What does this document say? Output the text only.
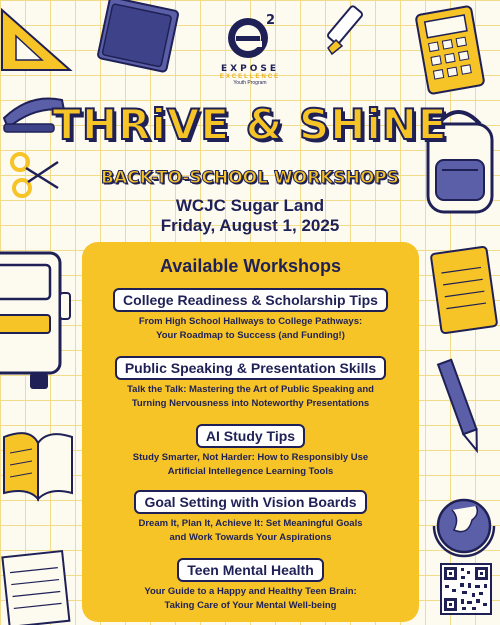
2
EXPOSE
EXCELLENCE
Youth Program
THRiVE & SHiNE
BACK-TO-SCHOOL WORKSHOPS
WCJC Sugar Land
Friday, August 1, 2025
Available Workshops
College Readiness & Scholarship Tips
From High School Hallways to College Pathways:
Your Roadmap to Success (and Funding!)
Public Speaking & Presentation Skills
Talk the Talk: Mastering the Art of Public Speaking and
Turning Nervousness into Noteworthy Presentations
AI Study Tips
Study Smarter, Not Harder: How to Responsibly Use
Artificial Intellegence Learning Tools
Goal Setting with Vision Boards
Dream It, Plan It, Achieve It: Set Meaningful Goals
and Work Towards Your Aspirations
Teen Mental Health
Your Guide to a Happy and Healthy Teen Brain:
Taking Care of Your Mental Well-being
